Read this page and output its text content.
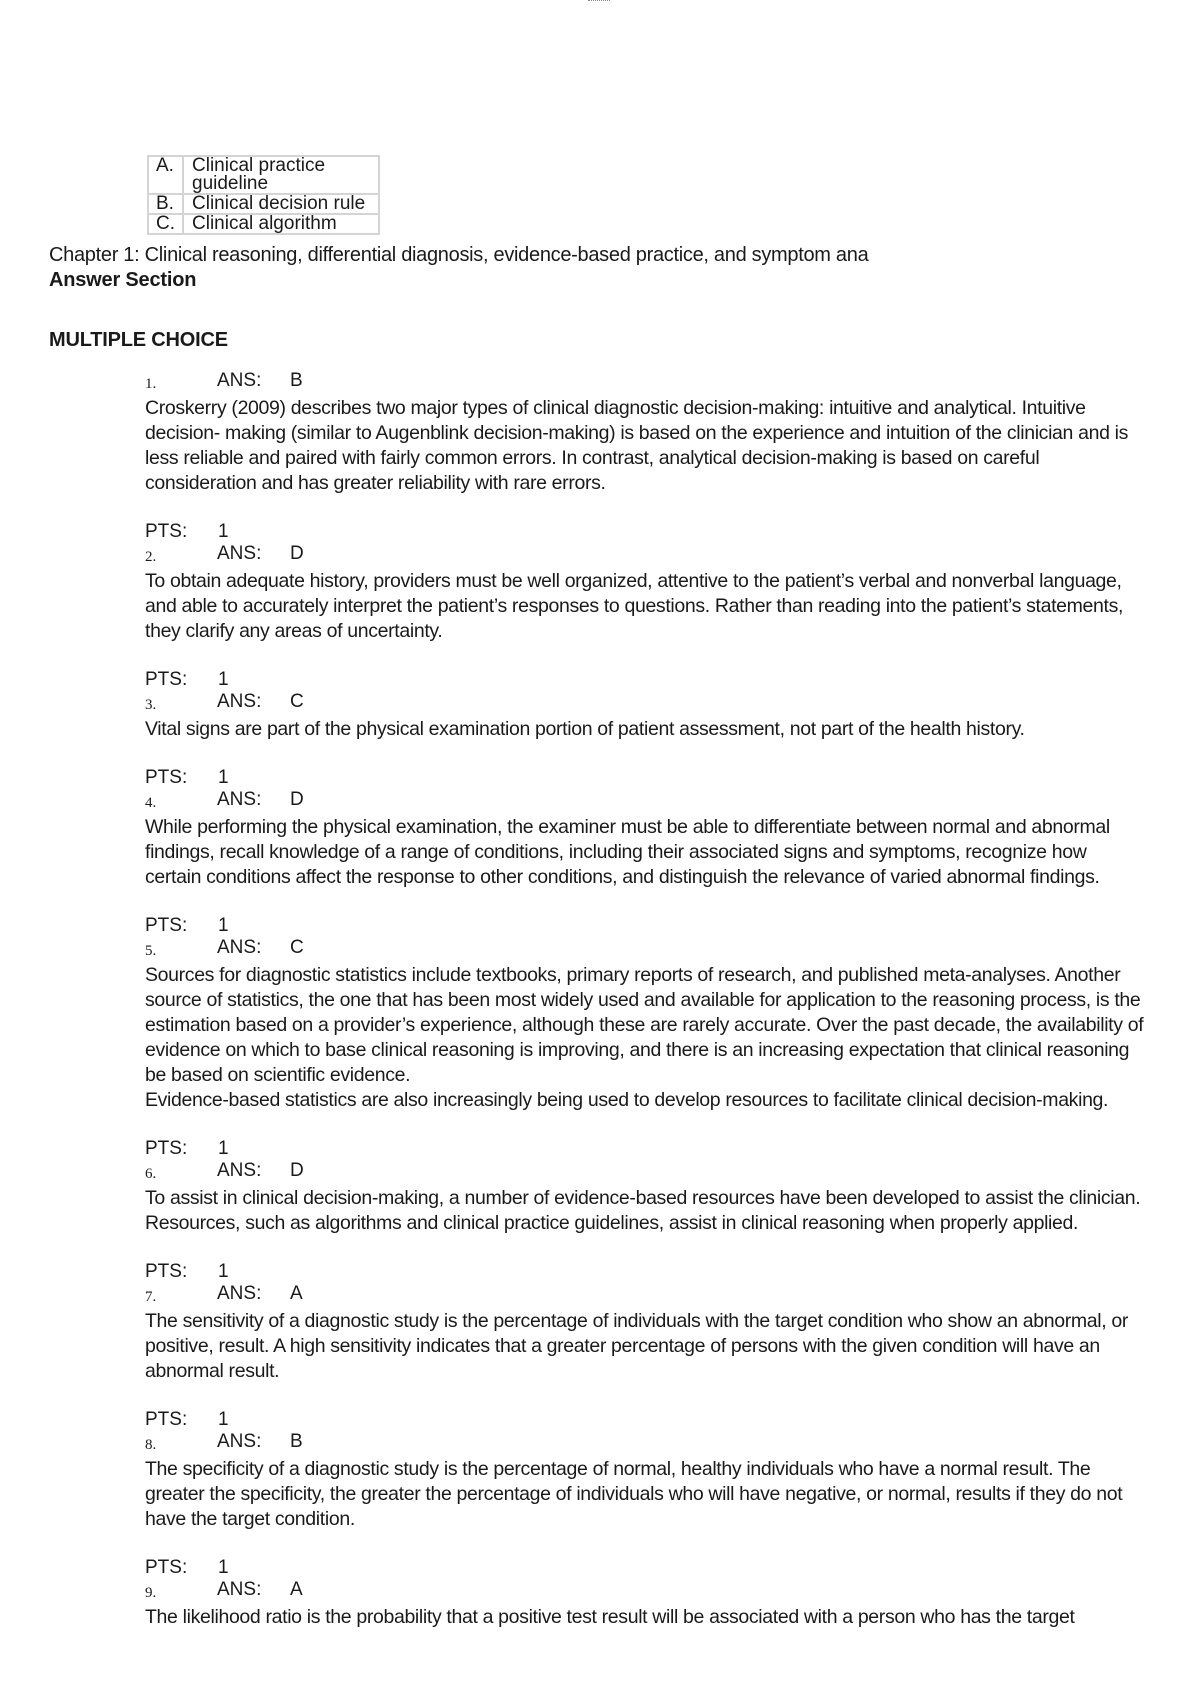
A.	Clinical practice
guideline
B.	Clinical decision rule
C.	Clinical algorithm
Chapter 1: Clinical reasoning, differential diagnosis, evidence-based practice, and symptom ana
Answer Section
MULTIPLE CHOICE
1.	ANS: B

Croskerry (2009) describes two major types of clinical diagnostic decision-making: intuitive and analytical. Intuitive decision- making (similar to Augenblink decision-making) is based on the experience and intuition of the clinician and is less reliable and paired with fairly common errors. In contrast, analytical decision-making is based on careful consideration and has greater reliability with rare errors.

PTS: 1
2.	ANS: D

To obtain adequate history, providers must be well organized, attentive to the patient’s verbal and nonverbal language, and able to accurately interpret the patient’s responses to questions. Rather than reading into the patient’s statements, they clarify any areas of uncertainty.

PTS: 1
3.	ANS: C

Vital signs are part of the physical examination portion of patient assessment, not part of the health history.

PTS: 1
4.	ANS: D

While performing the physical examination, the examiner must be able to differentiate between normal and abnormal findings, recall knowledge of a range of conditions, including their associated signs and symptoms, recognize how certain conditions affect the response to other conditions, and distinguish the relevance of varied abnormal findings.

PTS: 1
5.	ANS: C

Sources for diagnostic statistics include textbooks, primary reports of research, and published meta-analyses. Another source of statistics, the one that has been most widely used and available for application to the reasoning process, is the estimation based on a provider’s experience, although these are rarely accurate. Over the past decade, the availability of evidence on which to base clinical reasoning is improving, and there is an increasing expectation that clinical reasoning be based on scientific evidence.
Evidence-based statistics are also increasingly being used to develop resources to facilitate clinical decision-making.

PTS: 1
6.	ANS: D

To assist in clinical decision-making, a number of evidence-based resources have been developed to assist the clinician. Resources, such as algorithms and clinical practice guidelines, assist in clinical reasoning when properly applied.

PTS: 1
7.	ANS: A

The sensitivity of a diagnostic study is the percentage of individuals with the target condition who show an abnormal, or positive, result. A high sensitivity indicates that a greater percentage of persons with the given condition will have an abnormal result.

PTS: 1
8.	ANS: B

The specificity of a diagnostic study is the percentage of normal, healthy individuals who have a normal result. The greater the specificity, the greater the percentage of individuals who will have negative, or normal, results if they do not have the target condition.

PTS: 1
9.	ANS: A

The likelihood ratio is the probability that a positive test result will be associated with a person who has the target
